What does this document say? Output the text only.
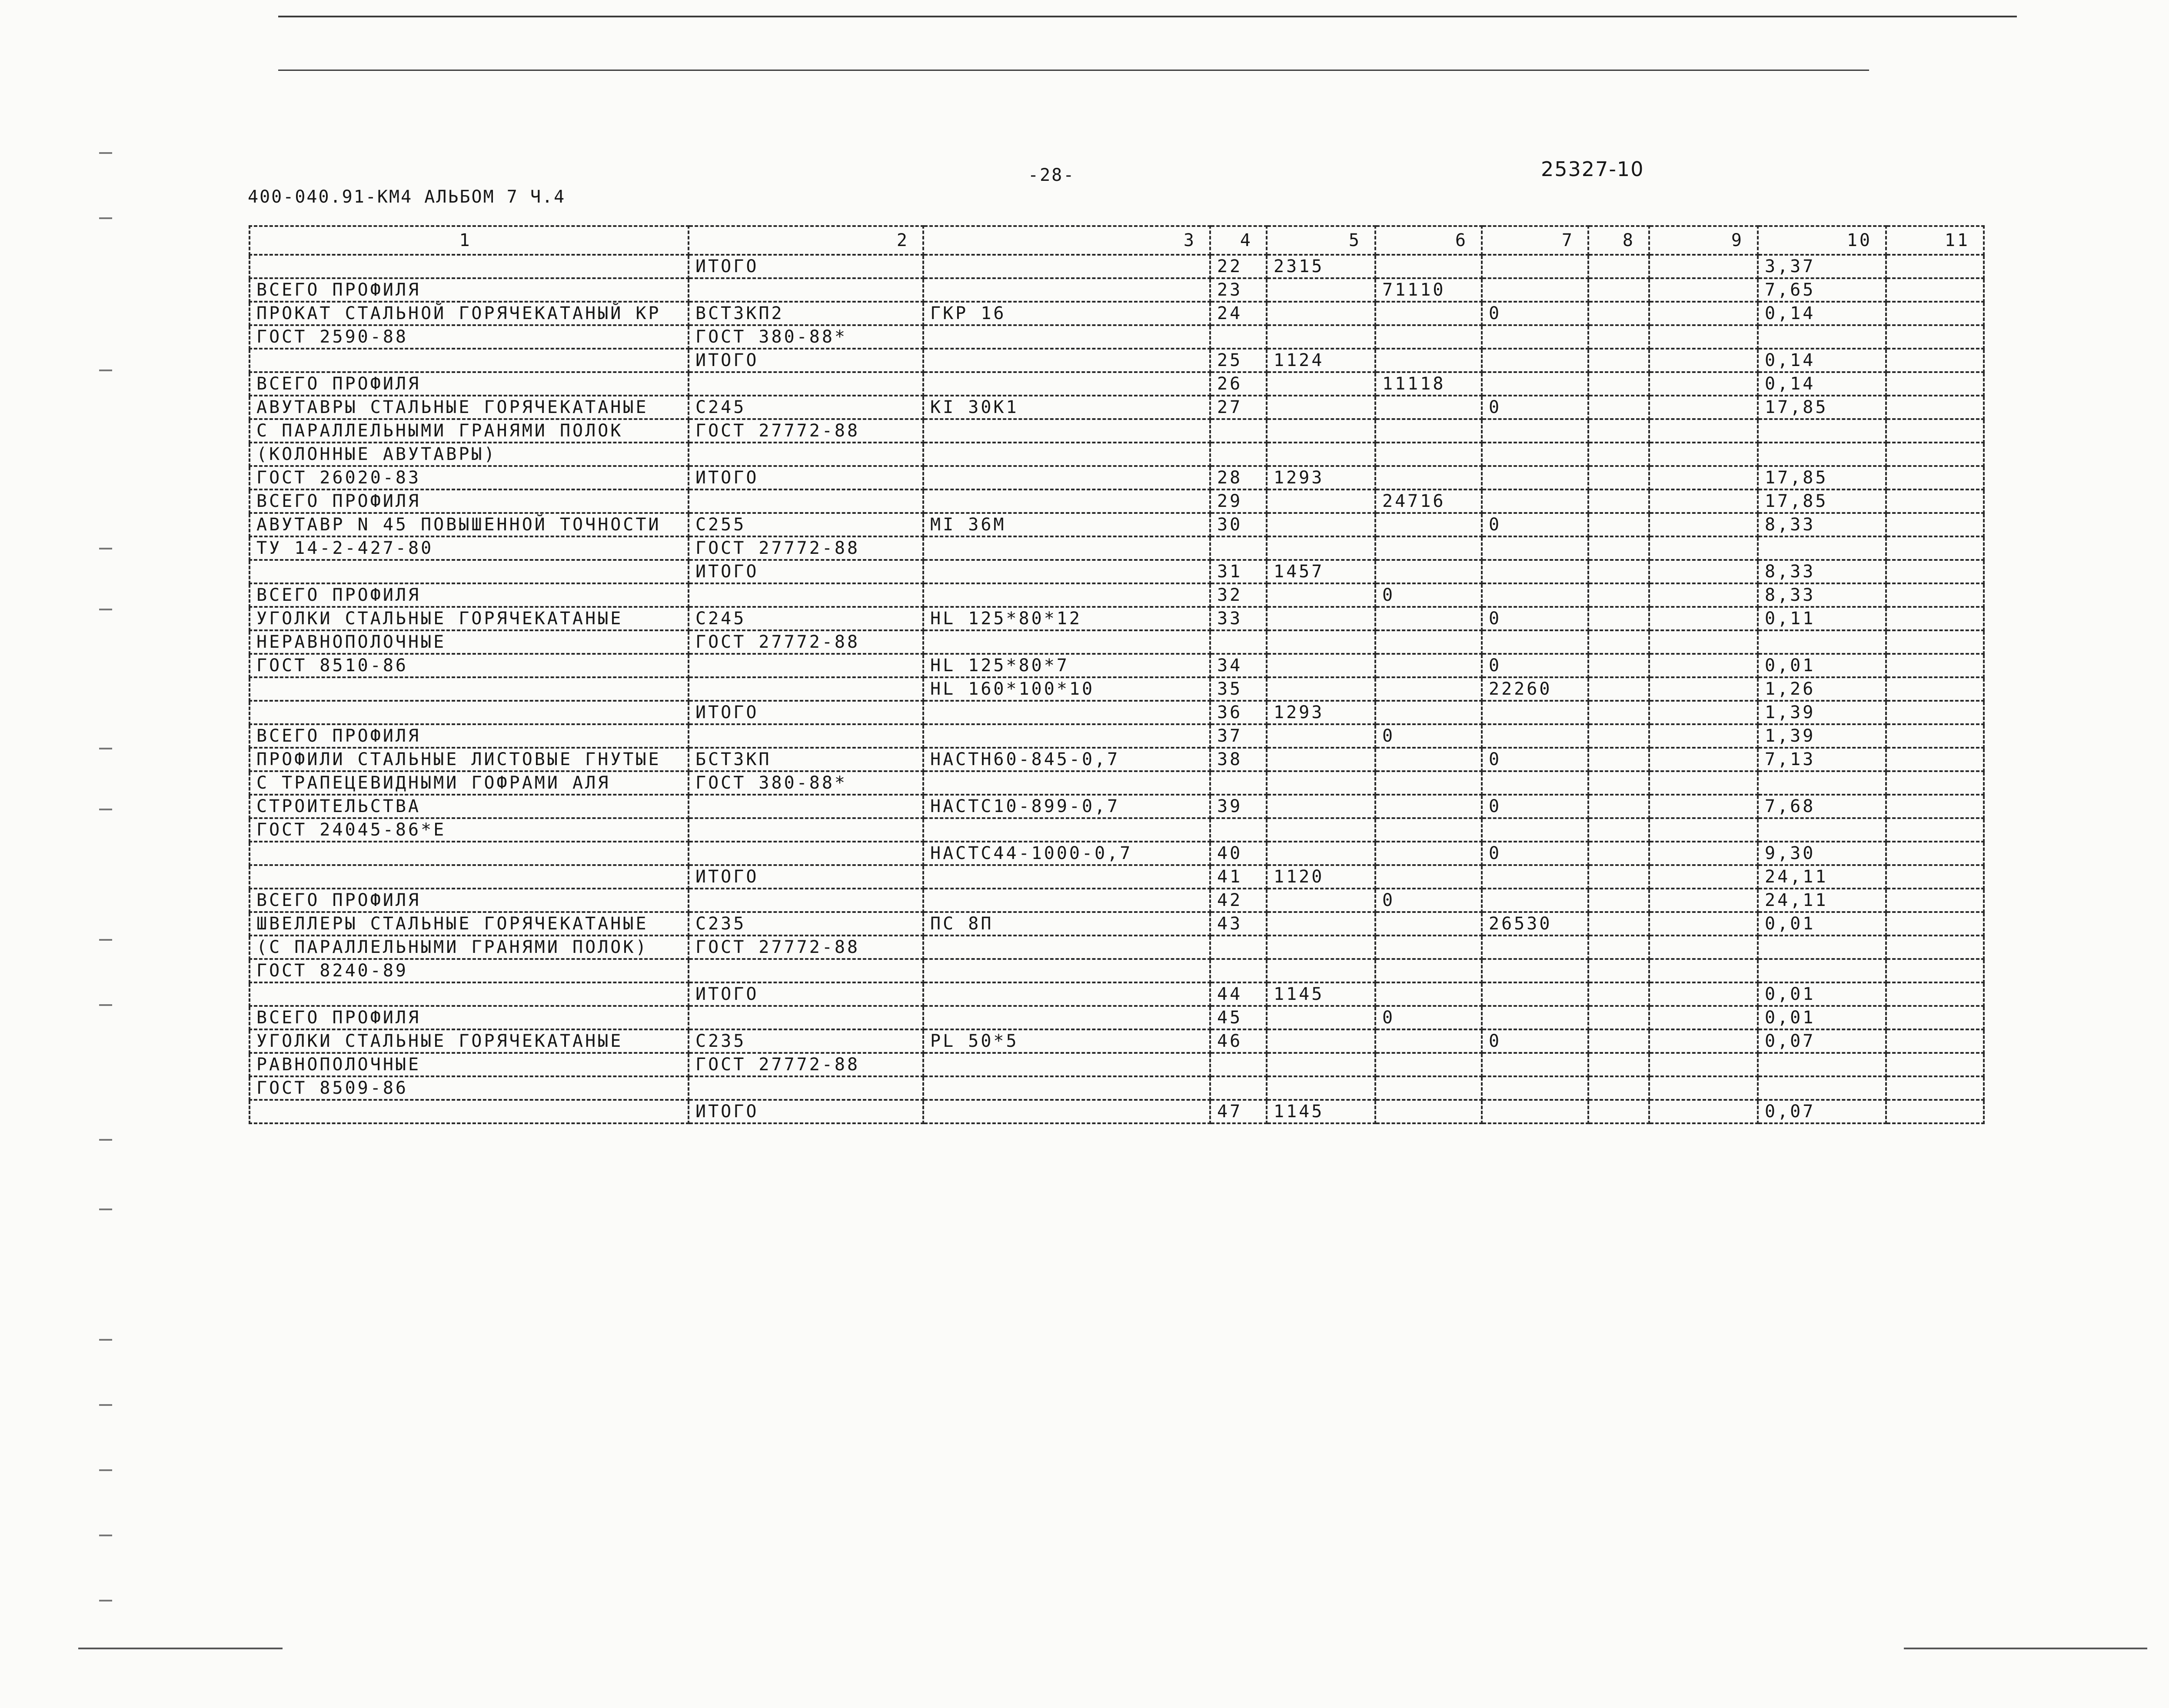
-28-	25327-10
400-040.91-КМ4 АЛЬБОМ 7 Ч.4
1	2	3	4	5	6	7	8	9	10	11
	ИТОГО		22	2315					3,37	
ВСЕГО ПРОФИЛЯ			23		71110				7,65	
ПРОКАТ СТАЛЬНОЙ ГОРЯЧЕКАТАНЫЙ КР	ВСТ3КП2	ГКР 16	24			0			0,14	
ГОСТ 2590-88	ГОСТ 380-88*									
	ИТОГО		25	1124					0,14	
ВСЕГО ПРОФИЛЯ			26		11118				0,14	
АВУТАВРЫ СТАЛЬНЫЕ ГОРЯЧЕКАТАНЫЕ	С245	КI 30К1	27			0			17,85	
С ПАРАЛЛЕЛЬНЫМИ ГРАНЯМИ ПОЛОК	ГОСТ 27772-88									
(КОЛОННЫЕ АВУТАВРЫ)										
ГОСТ 26020-83	ИТОГО		28	1293					17,85	
ВСЕГО ПРОФИЛЯ			29		24716				17,85	
АВУТАВР N 45 ПОВЫШЕННОЙ ТОЧНОСТИ	С255	МI 36М	30			0			8,33	
ТУ 14-2-427-80	ГОСТ 27772-88									
	ИТОГО		31	1457					8,33	
ВСЕГО ПРОФИЛЯ			32		0				8,33	
УГОЛКИ СТАЛЬНЫЕ ГОРЯЧЕКАТАНЫЕ	С245	HL 125*80*12	33			0			0,11	
НЕРАВНОПОЛОЧНЫЕ	ГОСТ 27772-88									
ГОСТ 8510-86		HL 125*80*7	34			0			0,01	
		HL 160*100*10	35			22260			1,26	
	ИТОГО		36	1293					1,39	
ВСЕГО ПРОФИЛЯ			37		0				1,39	
ПРОФИЛИ СТАЛЬНЫЕ ЛИСТОВЫЕ ГНУТЫЕ	БСТ3КП	НАСТН60-845-0,7	38			0			7,13	
С ТРАПЕЦЕВИДНЫМИ ГОФРАМИ АЛЯ	ГОСТ 380-88*									
СТРОИТЕЛЬСТВА		НАСТС10-899-0,7	39			0			7,68	
ГОСТ 24045-86*Е										
		НАСТС44-1000-0,7	40			0			9,30	
	ИТОГО		41	1120					24,11	
ВСЕГО ПРОФИЛЯ			42		0				24,11	
ШВЕЛЛЕРЫ СТАЛЬНЫЕ ГОРЯЧЕКАТАНЫЕ	С235	ПС 8П	43			26530			0,01	
(С ПАРАЛЛЕЛЬНЫМИ ГРАНЯМИ ПОЛОК)	ГОСТ 27772-88									
ГОСТ 8240-89										
	ИТОГО		44	1145					0,01	
ВСЕГО ПРОФИЛЯ			45		0				0,01	
УГОЛКИ СТАЛЬНЫЕ ГОРЯЧЕКАТАНЫЕ	С235	PL 50*5	46			0			0,07	
РАВНОПОЛОЧНЫЕ	ГОСТ 27772-88									
ГОСТ 8509-86										
	ИТОГО		47	1145					0,07	
